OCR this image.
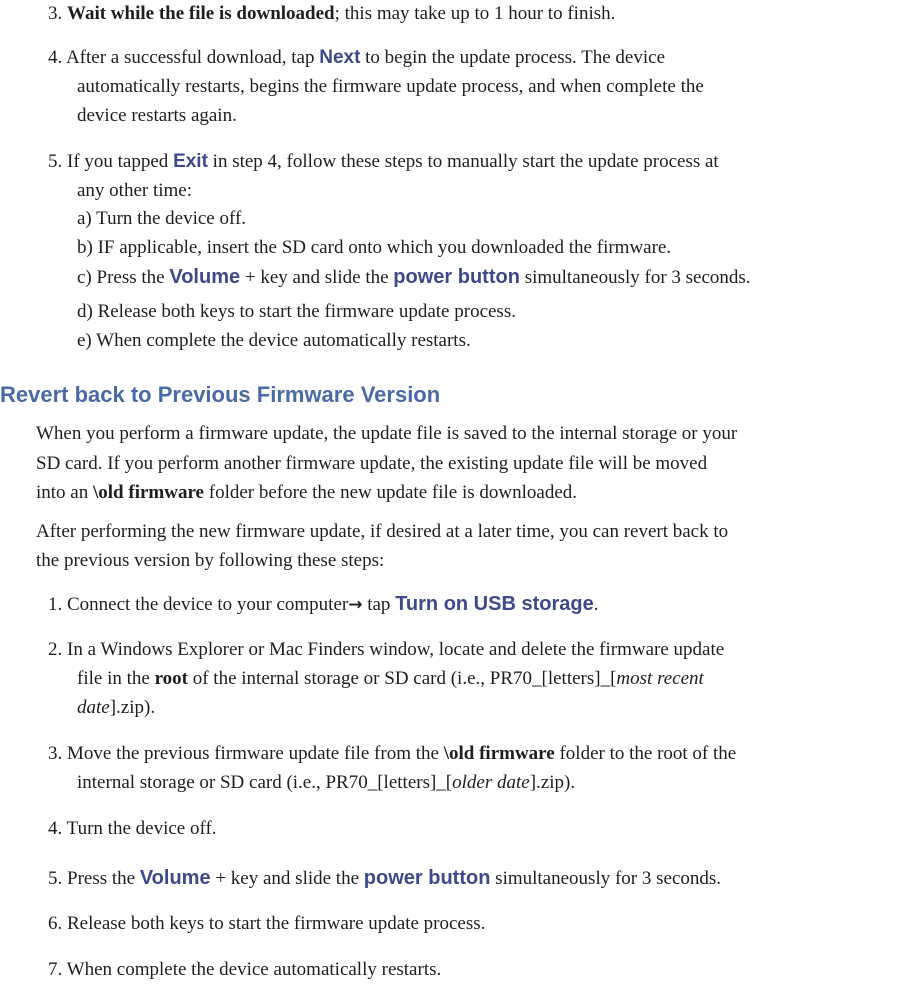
3. Wait while the file is downloaded; this may take up to 1 hour to finish.
4. After a successful download, tap Next to begin the update process. The device
automatically restarts, begins the firmware update process, and when complete the
device restarts again.
5. If you tapped Exit in step 4, follow these steps to manually start the update process at
any other time:
a) Turn the device off.
b) IF applicable, insert the SD card onto which you downloaded the firmware.
c) Press the Volume + key and slide the power button simultaneously for 3 seconds.
d) Release both keys to start the firmware update process.
e) When complete the device automatically restarts.
Revert back to Previous Firmware Version
When you perform a firmware update, the update file is saved to the internal storage or your
SD card. If you perform another firmware update, the existing update file will be moved
into an \old firmware folder before the new update file is downloaded.
After performing the new firmware update, if desired at a later time, you can revert back to
the previous version by following these steps:
1. Connect the device to your computer→ tap Turn on USB storage.
2. In a Windows Explorer or Mac Finders window, locate and delete the firmware update
file in the root of the internal storage or SD card (i.e., PR70_[letters]_[most recent
date].zip).
3. Move the previous firmware update file from the \old firmware folder to the root of the
internal storage or SD card (i.e., PR70_[letters]_[older date].zip).
4. Turn the device off.
5. Press the Volume + key and slide the power button simultaneously for 3 seconds.
6. Release both keys to start the firmware update process.
7. When complete the device automatically restarts.
